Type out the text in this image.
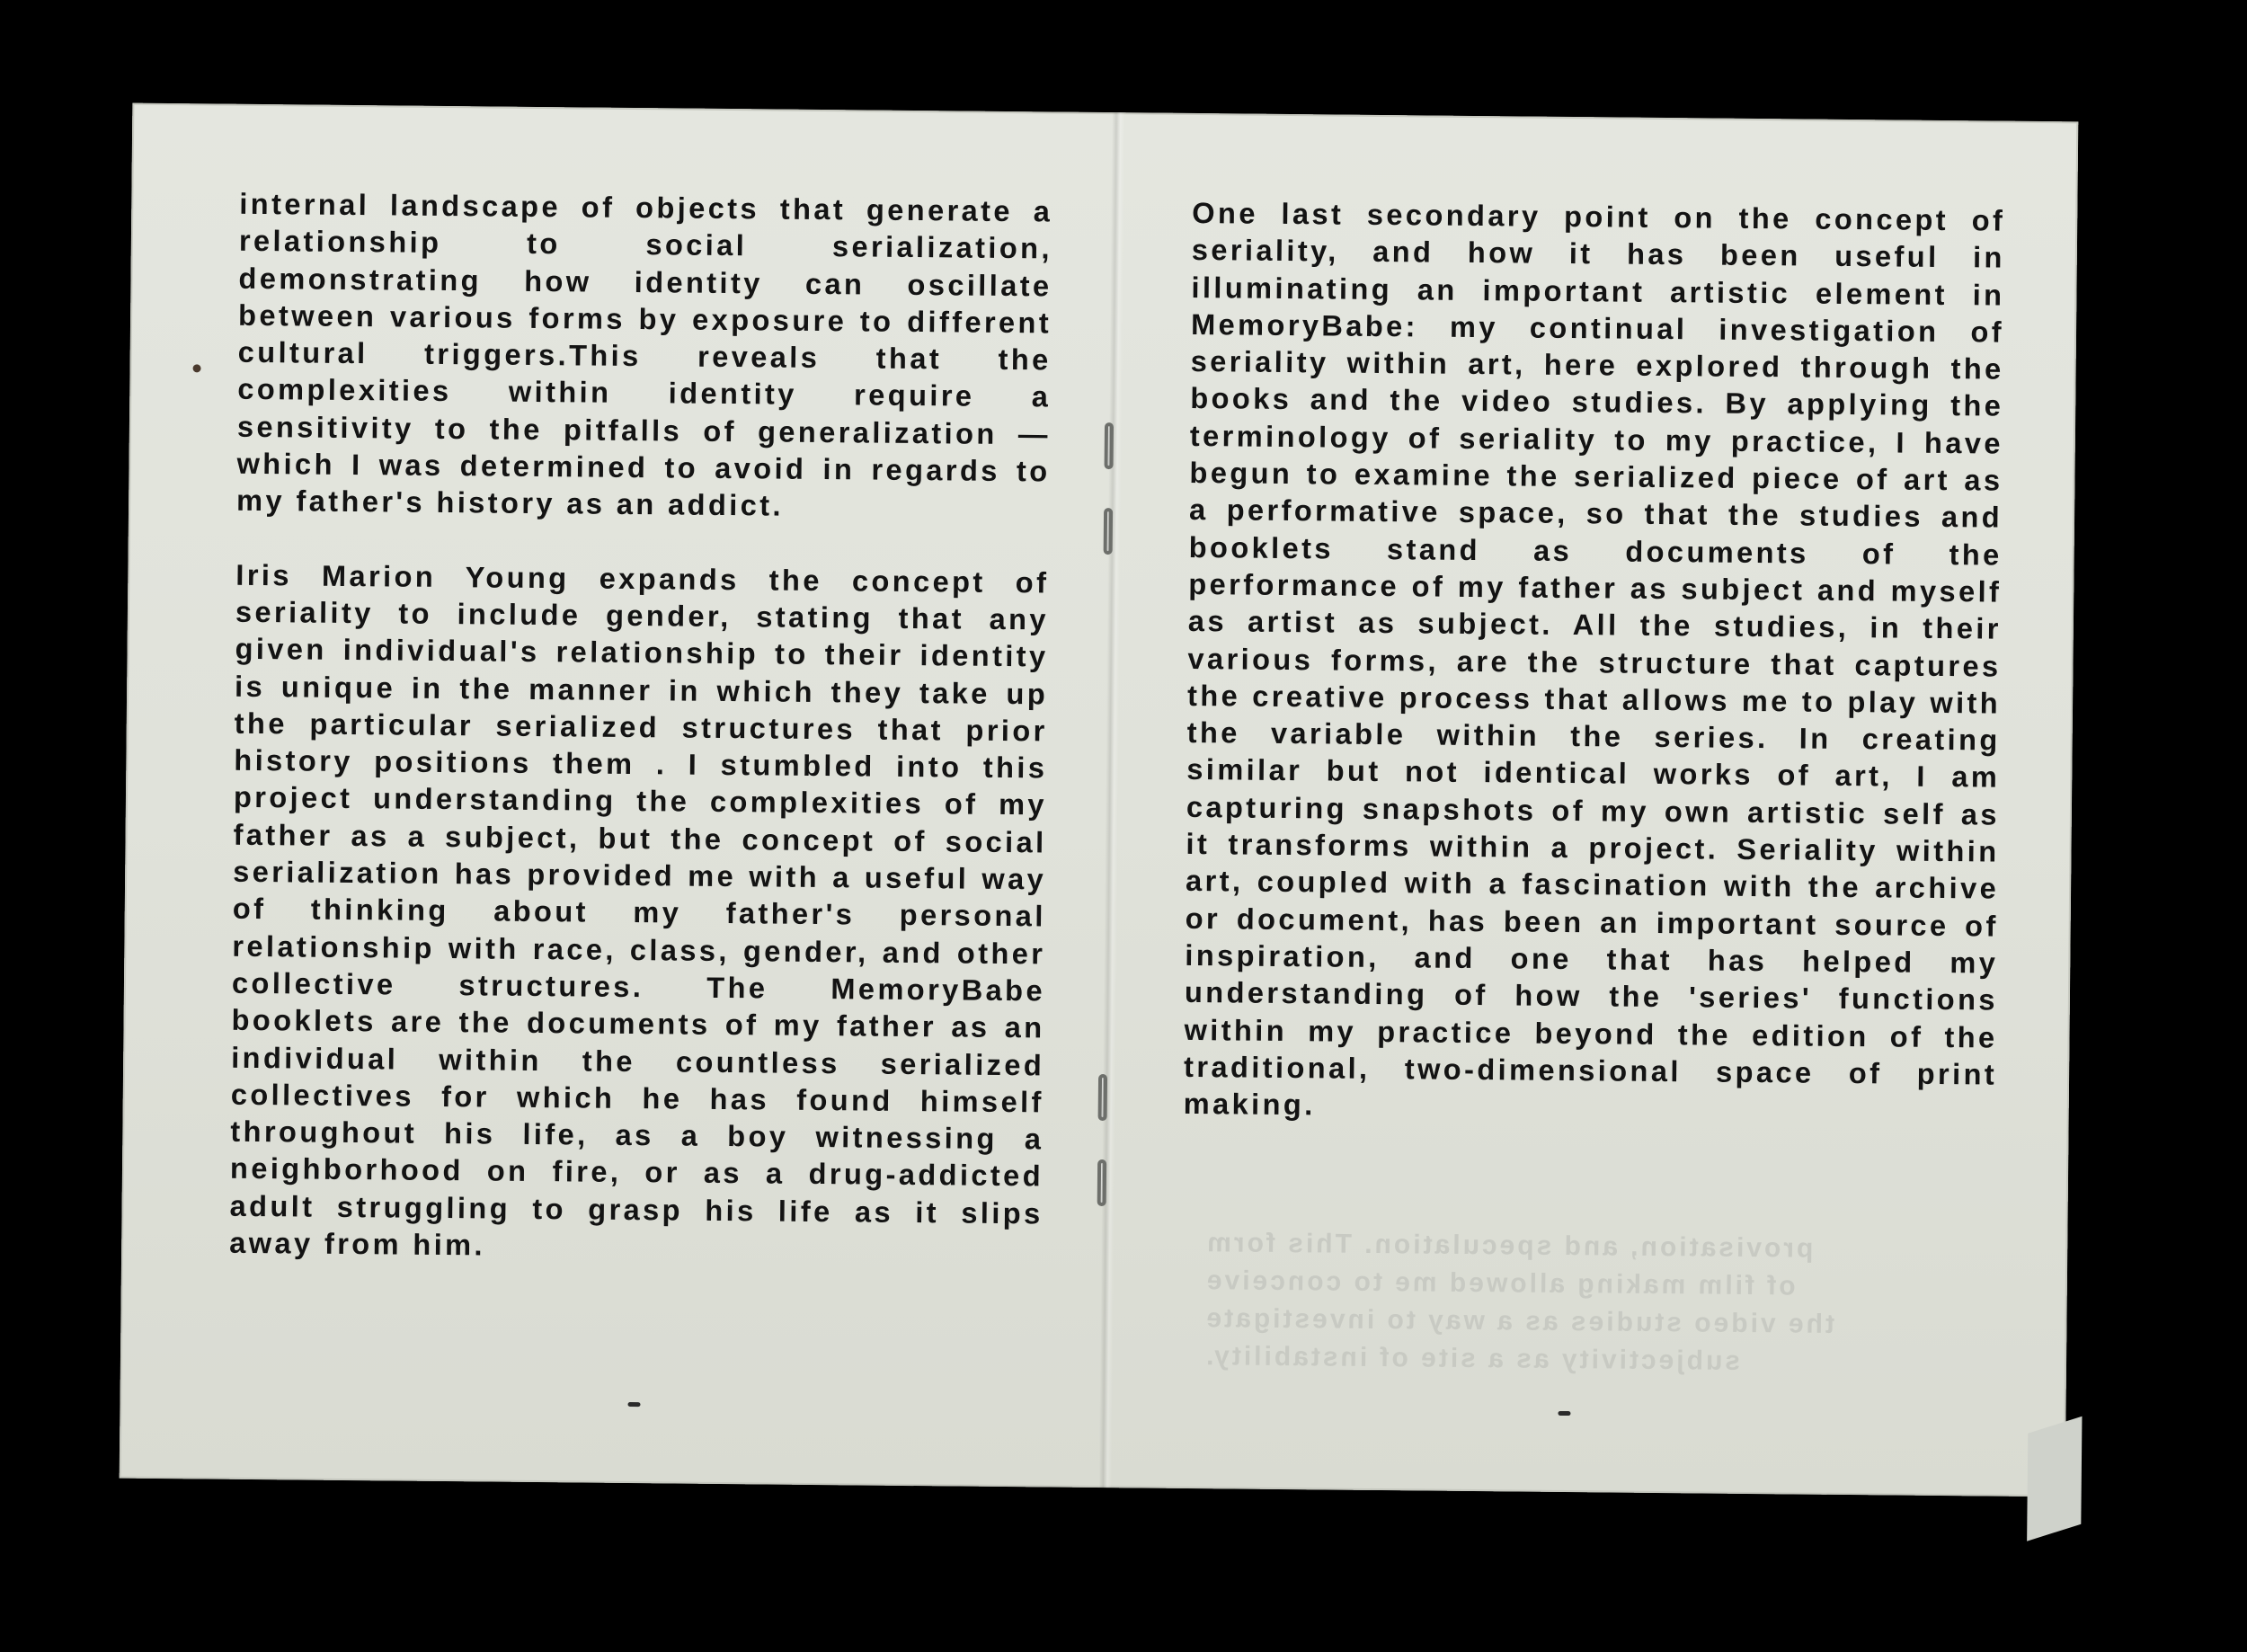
provisation, and speculation. This form
of film making allowed me to conceive
the video studies as a way to investigate
subjectivity as a site of instability.

internal landscape of objects that generate a relationship to social serialization, demonstrating how identity can oscillate between various forms by exposure to different cultural triggers.This reveals that the complexities within identity require a sensitivity to the pitfalls of generalization — which I was determined to avoid in regards to my father's history as an addict.

Iris Marion Young expands the concept of seriality to include gender, stating that any given individual's relationship to their identity is unique in the manner in which they take up the particular serialized structures that prior history positions them . I stumbled into this project understanding the complexities of my father as a subject, but the concept of social serialization has provided me with a useful way of thinking about my father's personal relationship with race, class, gender, and other collective structures. The MemoryBabe booklets are the documents of my father as an individual within the countless serialized collectives for which he has found himself throughout his life, as a boy witnessing a neighborhood on fire, or as a drug-addicted adult struggling to grasp his life as it slips away from him.

One last secondary point on the concept of seriality, and how it has been useful in illuminating an important artistic element in MemoryBabe: my continual investigation of seriality within art, here explored through the books and the video studies. By applying the terminology of seriality to my practice, I have begun to examine the serialized piece of art as a performative space, so that the studies and booklets stand as documents of the performance of my father as subject and myself as artist as subject. All the studies, in their various forms, are the structure that captures the creative process that allows me to play with the variable within the series. In creating similar but not identical works of art, I am capturing snapshots of my own artistic self as it transforms within a project. Seriality within art, coupled with a fascination with the archive or document, has been an important source of inspiration, and one that has helped my understanding of how the 'series' functions within my practice beyond the edition of the traditional, two-dimensional space of print making.
